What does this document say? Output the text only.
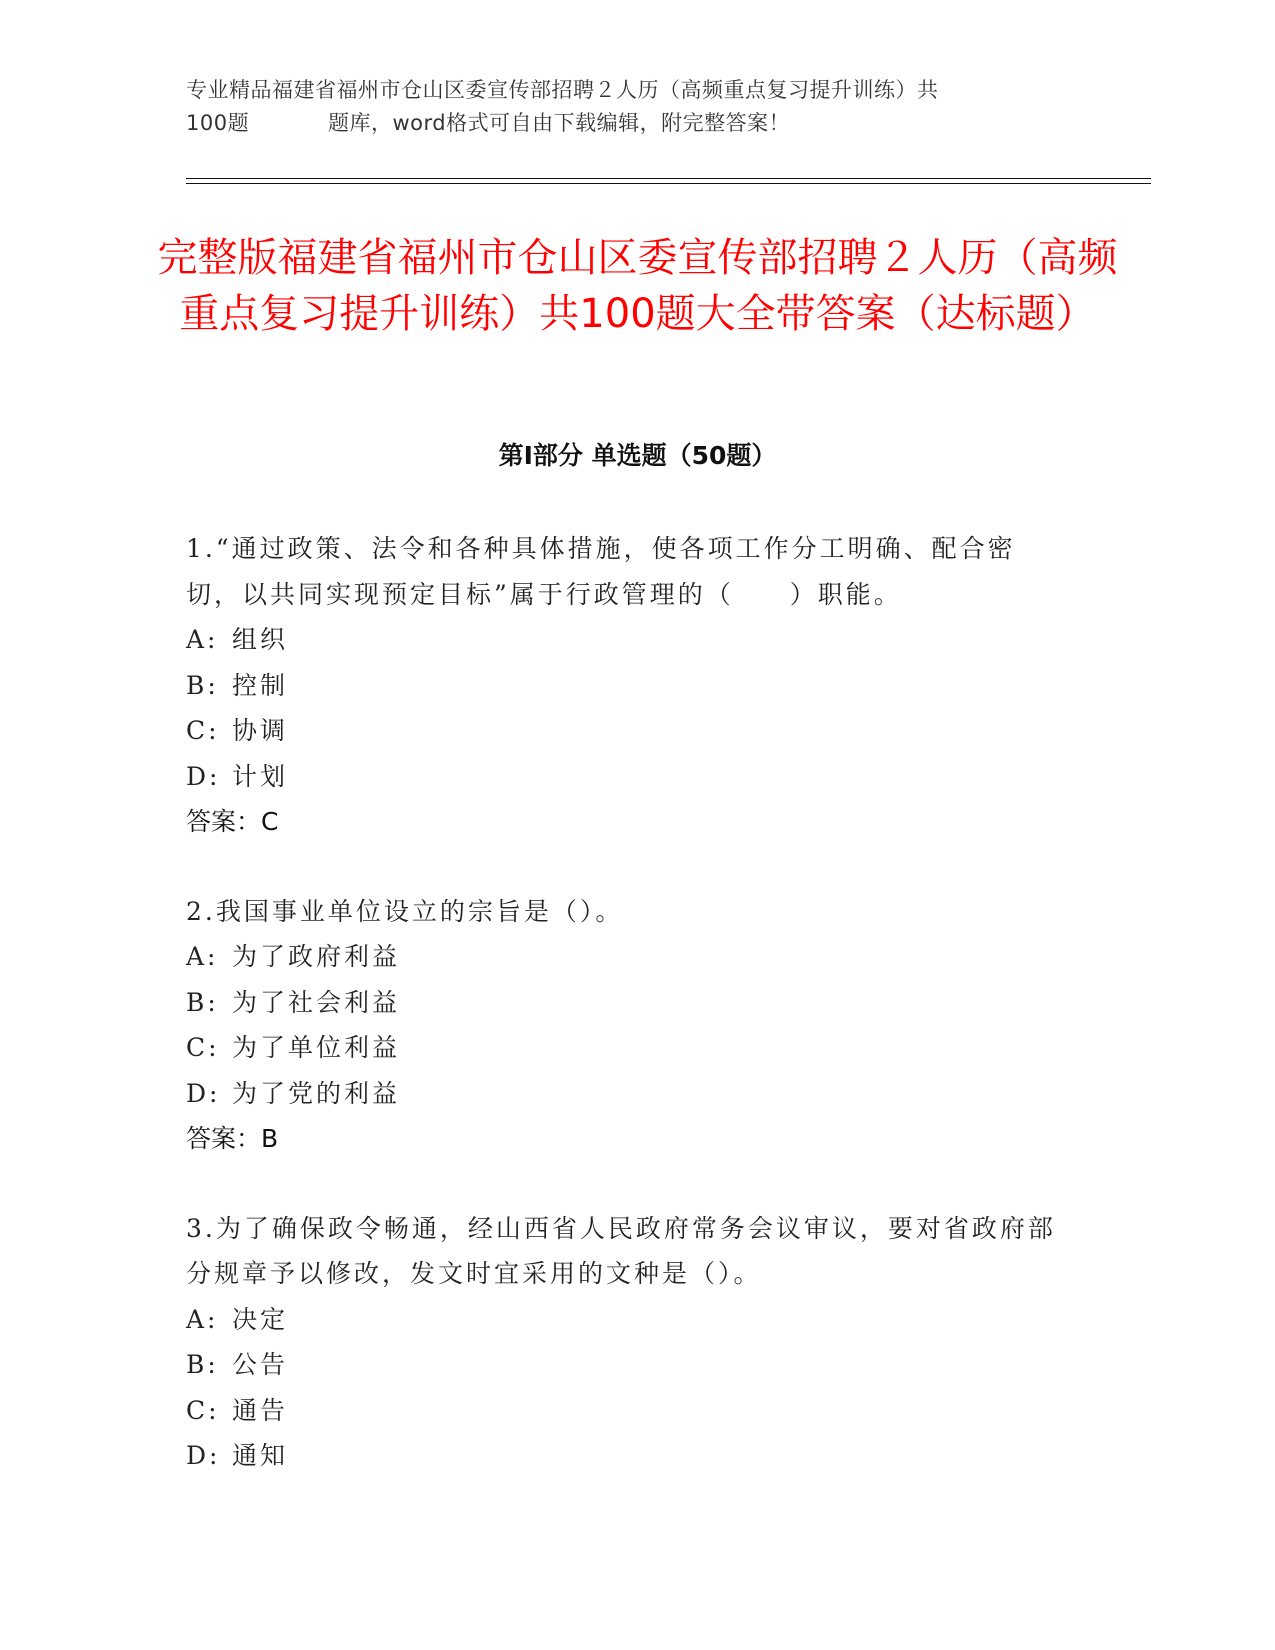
专业精品福建省福州市仓山区委宣传部招聘２人历（高频重点复习提升训练）共
100题	题库，word格式可自由下载编辑，附完整答案！
完整版福建省福州市仓山区委宣传部招聘２人历（高频重点复习提升训练）共100题大全带答案（达标题）
第Ⅰ部分 单选题（50题）
1.“通过政策、法令和各种具体措施，使各项工作分工明确、配合密切，以共同实现预定目标”属于行政管理的（　　）职能。
A: 组织
B: 控制
C: 协调
D: 计划
答案：C
2.我国事业单位设立的宗旨是（）。
A: 为了政府利益
B: 为了社会利益
C: 为了单位利益
D: 为了党的利益
答案：B
3.为了确保政令畅通，经山西省人民政府常务会议审议，要对省政府部分规章予以修改，发文时宜采用的文种是（）。
A: 决定
B: 公告
C: 通告
D: 通知
